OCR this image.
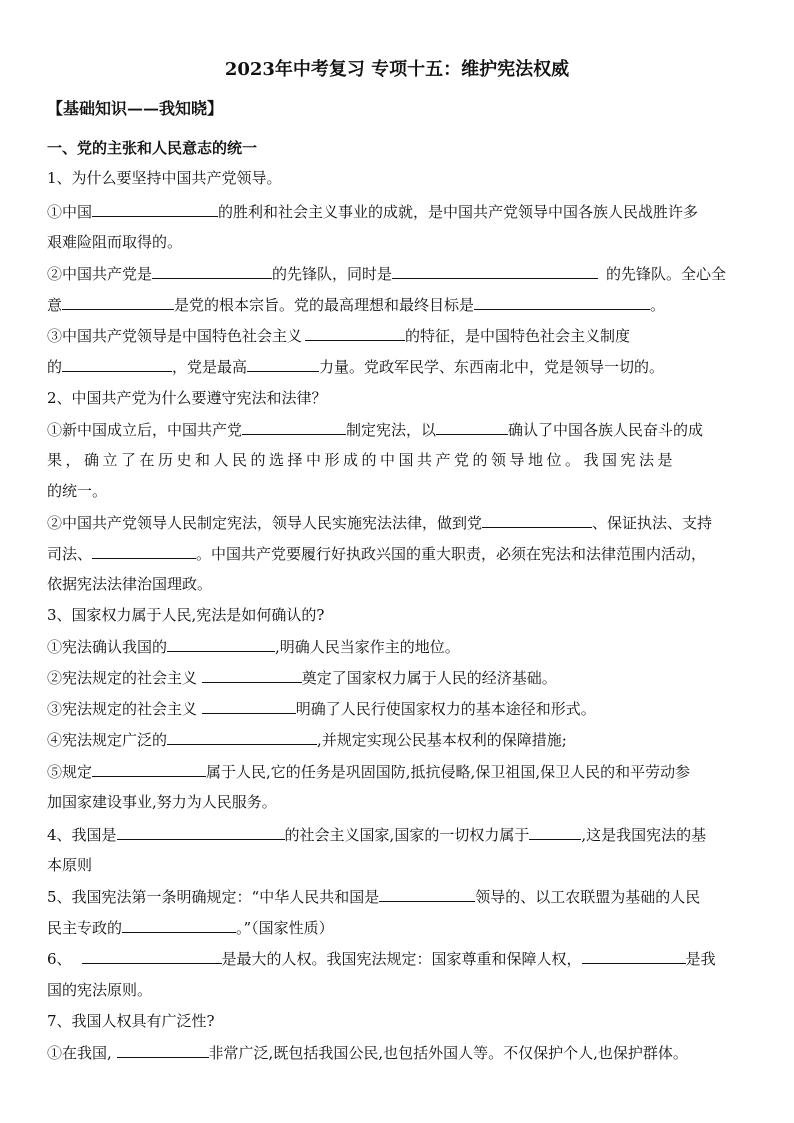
2023年中考复习 专项十五：维护宪法权威
【基础知识——我知晓】
一、党的主张和人民意志的统一
1、为什么要坚持中国共产党领导。
①中国	的胜利和社会主义事业的成就，是中国共产党领导中国各族人民战胜许多
艰难险阻而取得的。
②中国共产党是	的先锋队，同时是	的先锋队。全心全
意	是党的根本宗旨。党的最高理想和最终目标是	。
③中国共产党领导是中国特色社会主义	的特征，是中国特色社会主义制度
的	，党是最高	力量。党政军民学、东西南北中，党是领导一切的。
2、中国共产党为什么要遵守宪法和法律？
①新中国成立后，中国共产党	制定宪法，以	确认了中国各族人民奋斗的成
果，确立了在历史和人民的选择中形成的中国共产党的领导地位。我国宪法是
的统一。
②中国共产党领导人民制定宪法，领导人民实施宪法法律，做到党	、保证执法、支持
司法、	。中国共产党要履行好执政兴国的重大职责，必须在宪法和法律范围内活动，
依据宪法法律治国理政。
3、国家权力属于人民,宪法是如何确认的?
①宪法确认我国的	,明确人民当家作主的地位。
②宪法规定的社会主义	奠定了国家权力属于人民的经济基础。
③宪法规定的社会主义	明确了人民行使国家权力的基本途径和形式。
④宪法规定广泛的	,并规定实现公民基本权利的保障措施;
⑤规定	属于人民,它的任务是巩固国防,抵抗侵略,保卫祖国,保卫人民的和平劳动参
加国家建设事业,努力为人民服务。
4、我国是	的社会主义国家,国家的一切权力属于	,这是我国宪法的基
本原则
5、我国宪法第一条明确规定：“中华人民共和国是	领导的、以工农联盟为基础的人民
民主专政的	。”（国家性质）
6、	是最大的人权。我国宪法规定：国家尊重和保障人权，	是我
国的宪法原则。
7、我国人权具有广泛性?
①在我国,	非常广泛,既包括我国公民,也包括外国人等。不仅保护个人,也保护群体。
